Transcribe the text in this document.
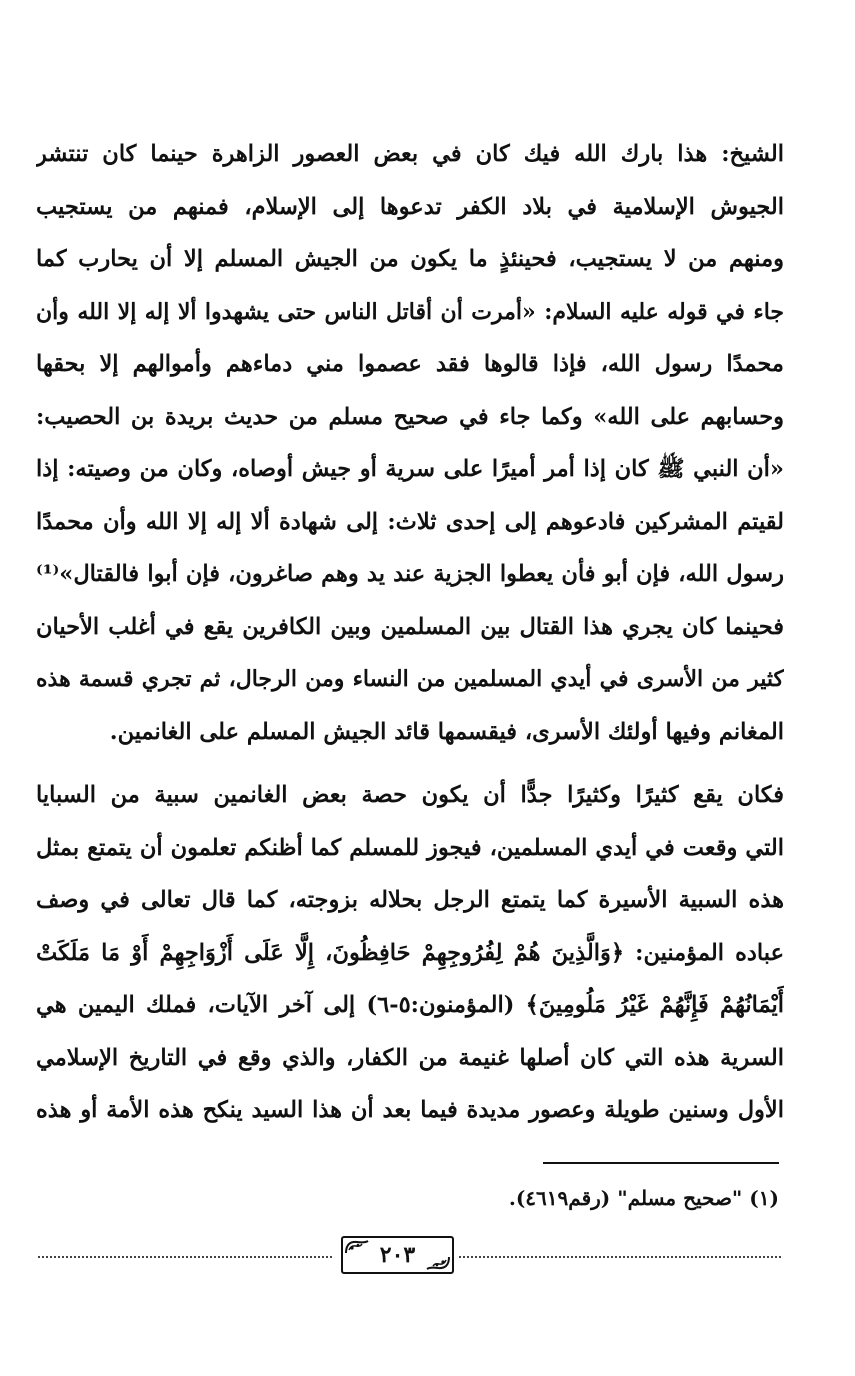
الشيخ: هذا بارك الله فيك كان في بعض العصور الزاهرة حينما كان تنتشر
الجيوش الإسلامية في بلاد الكفر تدعوها إلى الإسلام، فمنهم من يستجيب
ومنهم من لا يستجيب، فحينئذٍ ما يكون من الجيش المسلم إلا أن يحارب كما
جاء في قوله عليه السلام: «أمرت أن أقاتل الناس حتى يشهدوا ألا إله إلا الله وأن
محمدًا رسول الله، فإذا قالوها فقد عصموا مني دماءهم وأموالهم إلا بحقها
وحسابهم على الله» وكما جاء في صحيح مسلم من حديث بريدة بن الحصيب:
«أن النبي ﷺ كان إذا أمر أميرًا على سرية أو جيش أوصاه، وكان من وصيته: إذا
لقيتم المشركين فادعوهم إلى إحدى ثلاث: إلى شهادة ألا إله إلا الله وأن محمدًا
رسول الله، فإن أبو فأن يعطوا الجزية عند يد وهم صاغرون، فإن أبوا فالقتال»⁽¹⁾
فحينما كان يجري هذا القتال بين المسلمين وبين الكافرين يقع في أغلب الأحيان
كثير من الأسرى في أيدي المسلمين من النساء ومن الرجال، ثم تجري قسمة هذه
المغانم وفيها أولئك الأسرى، فيقسمها قائد الجيش المسلم على الغانمين.
فكان يقع كثيرًا وكثيرًا جدًّا أن يكون حصة بعض الغانمين سبية من السبايا
التي وقعت في أيدي المسلمين، فيجوز للمسلم كما أظنكم تعلمون أن يتمتع بمثل
هذه السبية الأسيرة كما يتمتع الرجل بحلاله بزوجته، كما قال تعالى في وصف
عباده المؤمنين: ﴿وَالَّذِينَ هُمْ لِفُرُوجِهِمْ حَافِظُونَ، إِلَّا عَلَى أَزْوَاجِهِمْ أَوْ مَا مَلَكَتْ
أَيْمَانُهُمْ فَإِنَّهُمْ غَيْرُ مَلُومِينَ﴾ (المؤمنون:٥-٦) إلى آخر الآيات، فملك اليمين هي
السرية هذه التي كان أصلها غنيمة من الكفار، والذي وقع في التاريخ الإسلامي
الأول وسنين طويلة وعصور مديدة فيما بعد أن هذا السيد ينكح هذه الأمة أو هذه
(١) "صحيح مسلم" (رقم٤٦١٩).
٢٠٣
